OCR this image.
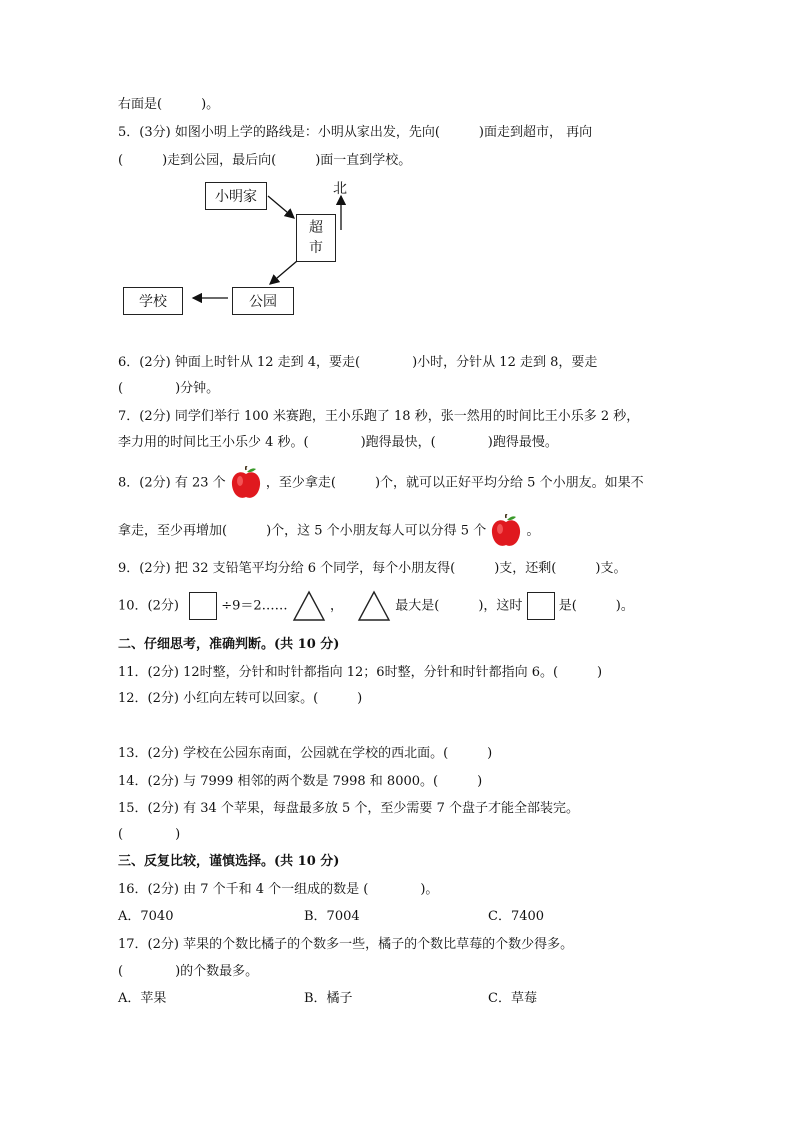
右面是(　　　)。
5．(3分) 如图小明上学的路线是：小明从家出发，先向(　　　)面走到超市， 再向
(　　　)走到公园，最后向(　　　)面一直到学校。
小明家
超
市
公园
学校
北
6．(2分) 钟面上时针从 12 走到 4，要走(　　　　)小时，分针从 12 走到 8，要走
(　　　　)分钟。
7．(2分) 同学们举行 100 米赛跑，王小乐跑了 18 秒，张一然用的时间比王小乐多 2 秒，
李力用的时间比王小乐少 4 秒。(　　　　)跑得最快，(　　　　)跑得最慢。
8．(2分) 有 23 个	，至少拿走(　　　)个，就可以正好平均分给 5 个小朋友。如果不
拿走，至少再增加(　　　)个，这 5 个小朋友每人可以分得 5 个	。
9．(2分) 把 32 支铅笔平均分给 6 个同学，每个小朋友得(　　　)支，还剩(　　　)支。
10．(2分)	÷9＝2……	，	最大是(　　　)，这时	是(　　　)。
二、仔细思考，准确判断。(共 10 分)
11．(2分) 12时整，分针和时针都指向 12；6时整，分针和时针都指向 6。(　　　)
12．(2分) 小红向左转可以回家。(　　　)
13．(2分) 学校在公园东南面，公园就在学校的西北面。(　　　)
14．(2分) 与 7999 相邻的两个数是 7998 和 8000。(　　　)
15．(2分) 有 34 个苹果，每盘最多放 5 个，至少需要 7 个盘子才能全部装完。
(　　　　)
三、反复比较，谨慎选择。(共 10 分)
16．(2分) 由 7 个千和 4 个一组成的数是 (　　　　)。
A．7040	B．7004	C．7400
17．(2分) 苹果的个数比橘子的个数多一些，橘子的个数比草莓的个数少得多。
(　　　　)的个数最多。
A．苹果	B．橘子	C．草莓
